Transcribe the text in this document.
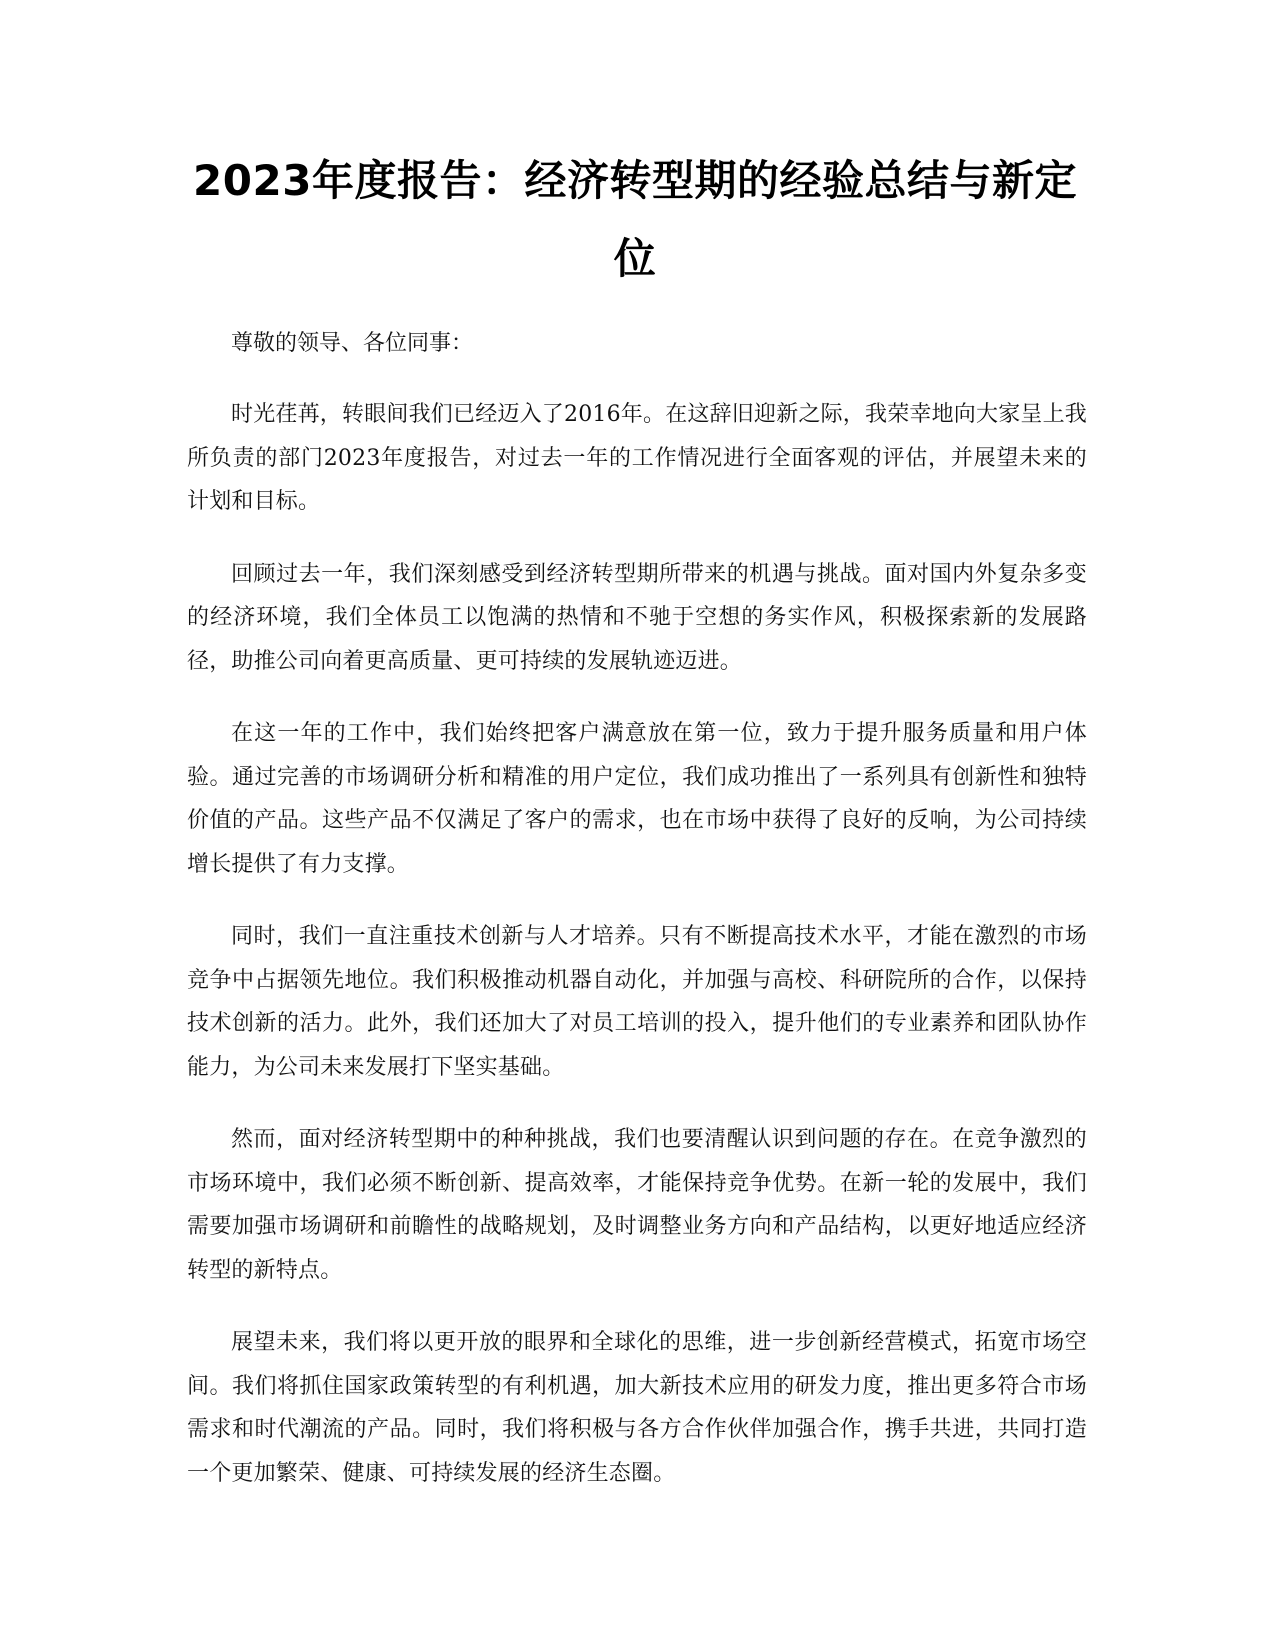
2023年度报告：经济转型期的经验总结与新定位

尊敬的领导、各位同事：

时光荏苒，转眼间我们已经迈入了2016年。在这辞旧迎新之际，我荣幸地向大家呈上我所负责的部门2023年度报告，对过去一年的工作情况进行全面客观的评估，并展望未来的计划和目标。

回顾过去一年，我们深刻感受到经济转型期所带来的机遇与挑战。面对国内外复杂多变的经济环境，我们全体员工以饱满的热情和不驰于空想的务实作风，积极探索新的发展路径，助推公司向着更高质量、更可持续的发展轨迹迈进。

在这一年的工作中，我们始终把客户满意放在第一位，致力于提升服务质量和用户体验。通过完善的市场调研分析和精准的用户定位，我们成功推出了一系列具有创新性和独特价值的产品。这些产品不仅满足了客户的需求，也在市场中获得了良好的反响，为公司持续增长提供了有力支撑。

同时，我们一直注重技术创新与人才培养。只有不断提高技术水平，才能在激烈的市场竞争中占据领先地位。我们积极推动机器自动化，并加强与高校、科研院所的合作，以保持技术创新的活力。此外，我们还加大了对员工培训的投入，提升他们的专业素养和团队协作能力，为公司未来发展打下坚实基础。

然而，面对经济转型期中的种种挑战，我们也要清醒认识到问题的存在。在竞争激烈的市场环境中，我们必须不断创新、提高效率，才能保持竞争优势。在新一轮的发展中，我们需要加强市场调研和前瞻性的战略规划，及时调整业务方向和产品结构，以更好地适应经济转型的新特点。

展望未来，我们将以更开放的眼界和全球化的思维，进一步创新经营模式，拓宽市场空间。我们将抓住国家政策转型的有利机遇，加大新技术应用的研发力度，推出更多符合市场需求和时代潮流的产品。同时，我们将积极与各方合作伙伴加强合作，携手共进，共同打造一个更加繁荣、健康、可持续发展的经济生态圈。
